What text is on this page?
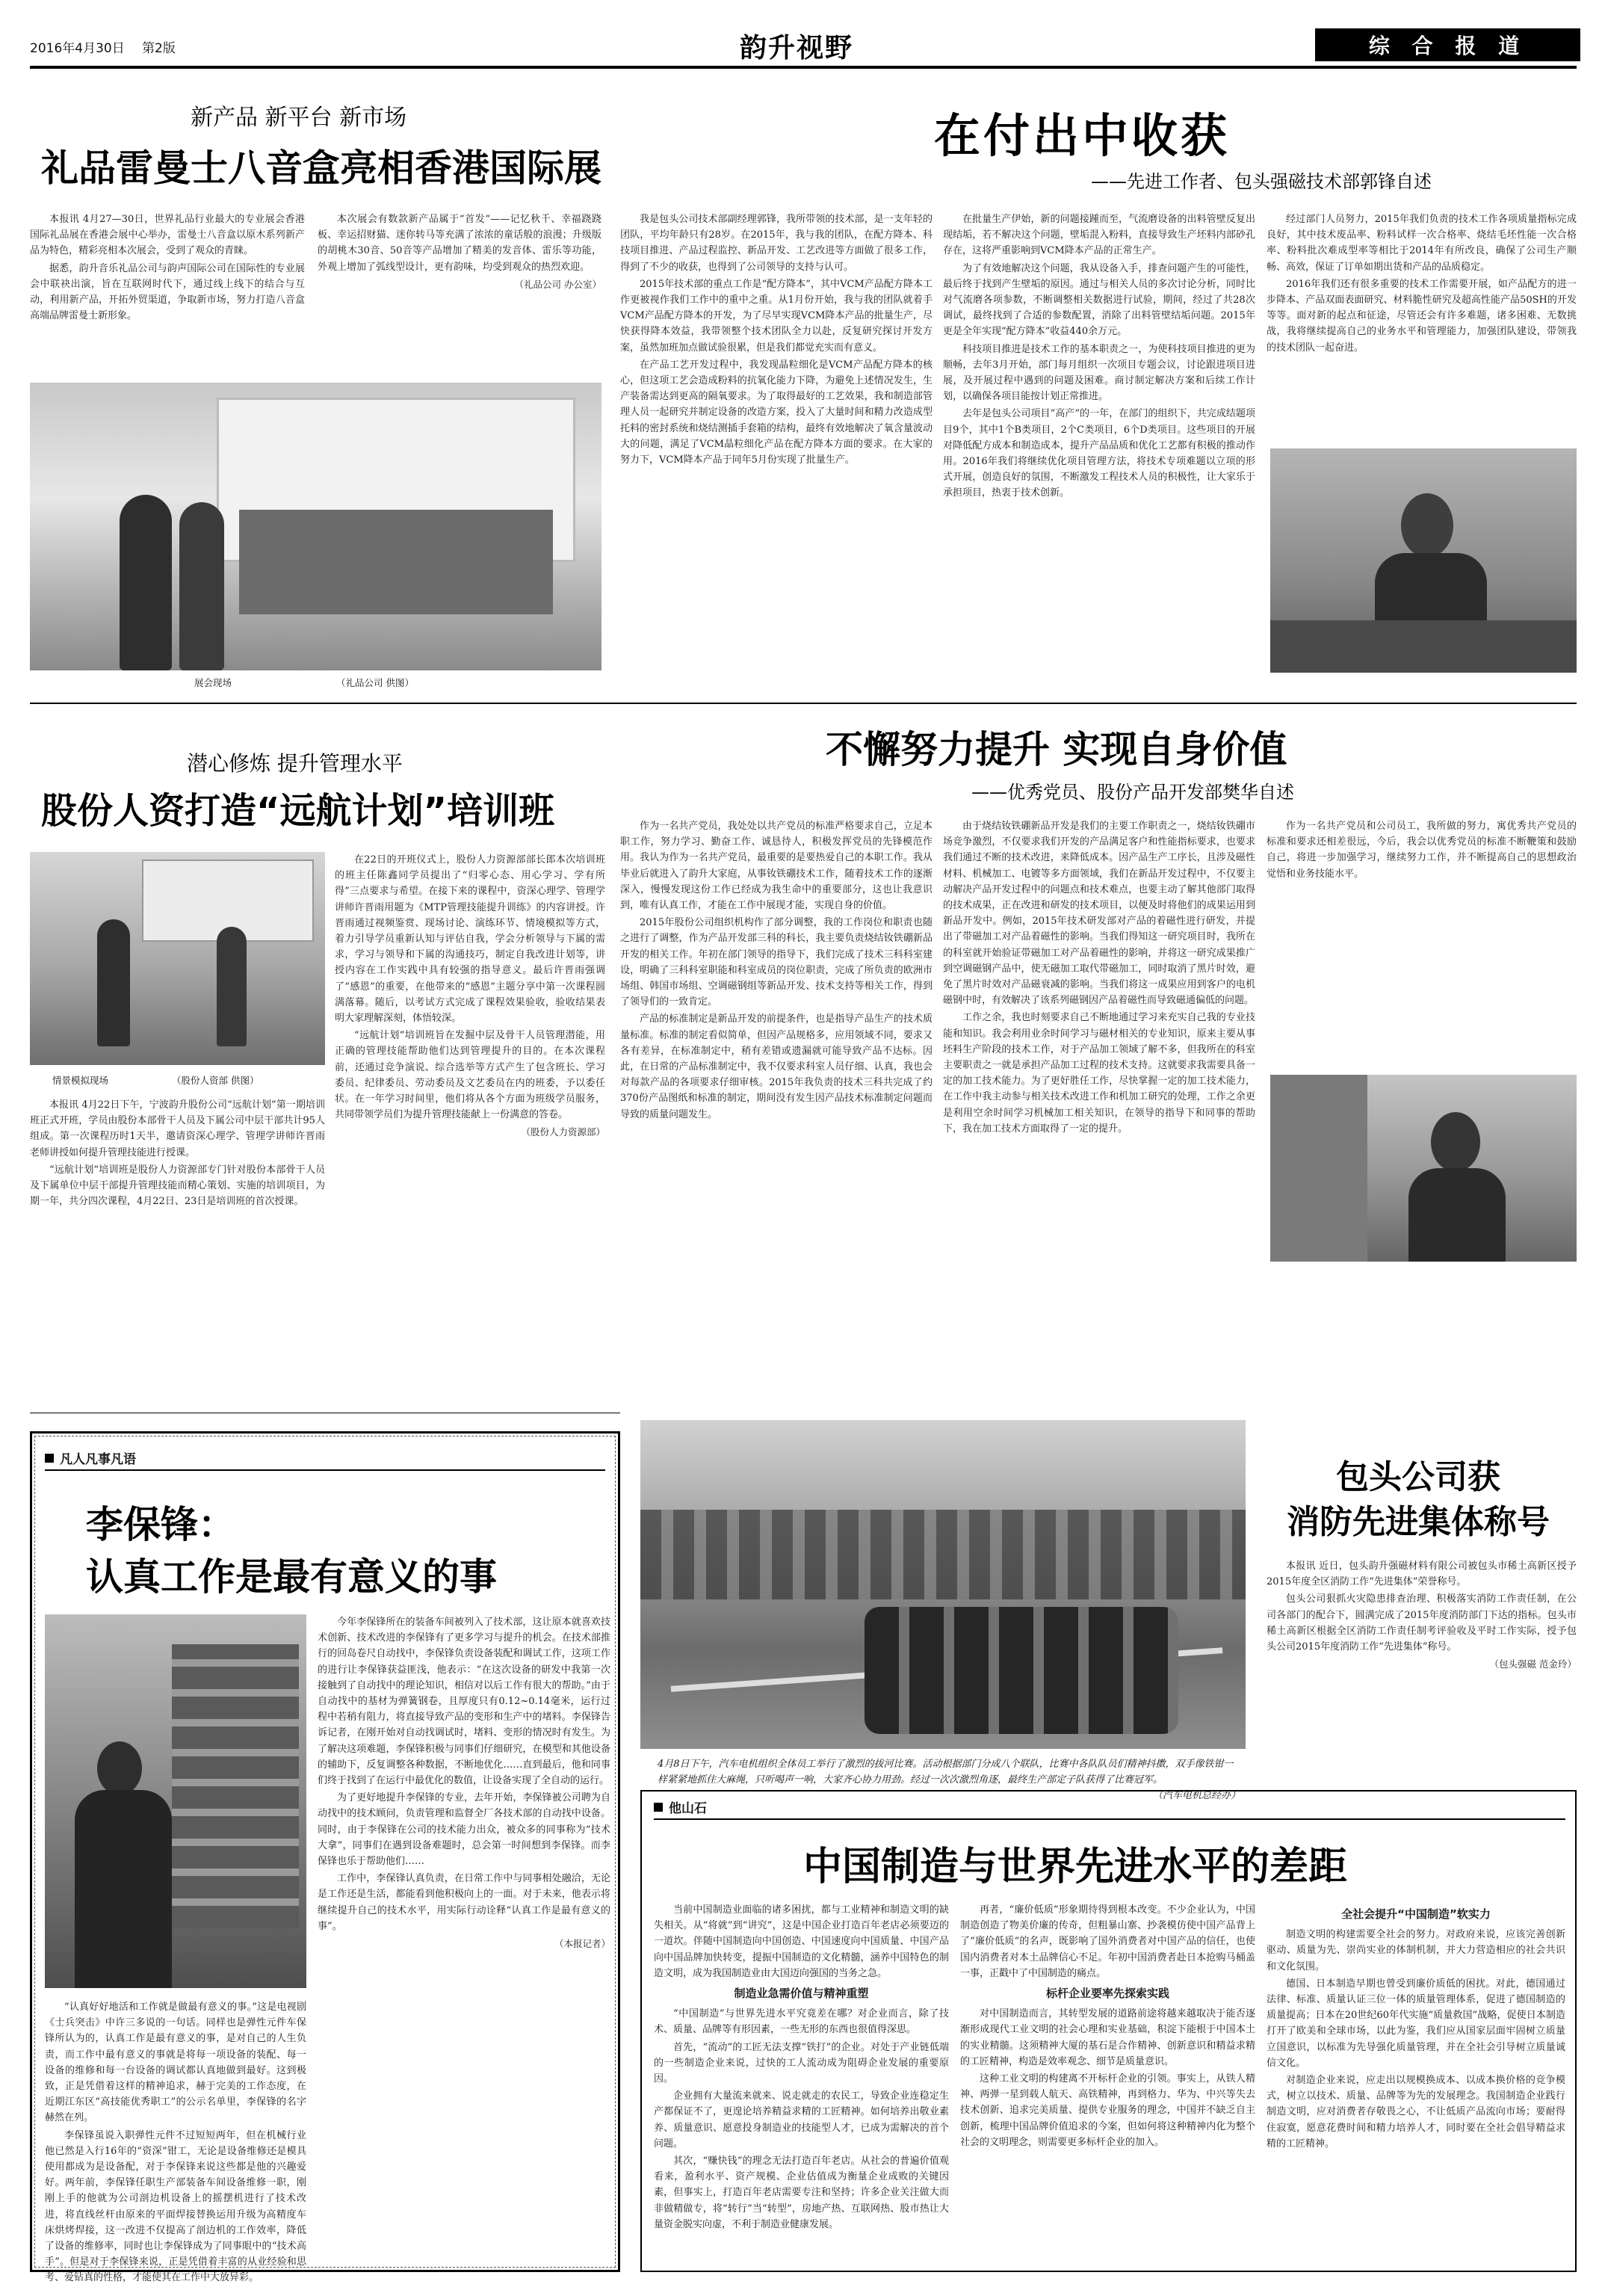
2016年4月30日 第2版	韵升视野	综 合 报 道
新产品 新平台 新市场
礼品雷曼士八音盒亮相香港国际展

本报讯 4月27—30日，世界礼品行业最大的专业展会香港国际礼品展在香港会展中心举办，雷曼士八音盒以原木系列新产品为特色，精彩亮相本次展会，受到了观众的青睐。

据悉，韵升音乐礼品公司与韵声国际公司在国际性的专业展会中联袂出演，旨在互联网时代下，通过线上线下的结合与互动，利用新产品，开拓外贸渠道，争取新市场，努力打造八音盒高端品牌雷曼士新形象。

本次展会有数款新产品属于“首发”——记忆秋千、幸福跷跷板、幸运招财猫、迷你转马等充满了浓浓的童话般的浪漫；升级版的胡桃木30音、50音等产品增加了精美的发音体、雷乐等功能，外观上增加了弧线型设计，更有韵味，均受到观众的热烈欢迎。

（礼品公司 办公室）

展会现场	（礼品公司 供图）
在付出中收获
——先进工作者、包头强磁技术部郭锋自述

我是包头公司技术部副经理郭锋，我所带领的技术部，是一支年轻的团队，平均年龄只有28岁。在2015年，我与我的团队，在配方降本、科技项目推进、产品过程监控、新品开发、工艺改进等方面做了很多工作，得到了不少的收获，也得到了公司领导的支持与认可。

2015年技术部的重点工作是“配方降本”，其中VCM产品配方降本工作更被视作我们工作中的重中之重。从1月份开始，我与我的团队就着手VCM产品配方降本的开发，为了尽早实现VCM降本产品的批量生产，尽快获得降本效益，我带领整个技术团队全力以赴，反复研究探讨开发方案，虽然加班加点做试验很累，但是我们都觉充实而有意义。

在产品工艺开发过程中，我发现晶粒细化是VCM产品配方降本的核心，但这项工艺会造成粉料的抗氧化能力下降，为避免上述情况发生，生产装备需达到更高的隔氧要求。为了取得最好的工艺效果，我和制造部管理人员一起研究并制定设备的改造方案，投入了大量时间和精力改造成型托料的密封系统和烧结测插手套箱的结构，最终有效地解决了氧含量波动大的问题，满足了VCM晶粒细化产品在配方降本方面的要求。在大家的努力下，VCM降本产品于同年5月份实现了批量生产。

在批量生产伊始，新的问题接踵而至，气流磨设备的出料管壁反复出现结垢，若不解决这个问题，壁垢混入粉料，直接导致生产坯料内部砂孔存在，这将严重影响到VCM降本产品的正常生产。

为了有效地解决这个问题，我从设备入手，排查问题产生的可能性，最后终于找到产生壁垢的原因。通过与相关人员的多次讨论分析，同时比对气流磨各项参数，不断调整相关数据进行试验，期间，经过了共28次调试，最终找到了合适的参数配置，消除了出料管壁结垢问题。2015年更是全年实现“配方降本”收益440余万元。

科技项目推进是技术工作的基本职责之一，为使科技项目推进的更为顺畅，去年3月开始，部门每月组织一次项目专题会议，讨论跟进项目进展，及开展过程中遇到的问题及困难。商讨制定解决方案和后续工作计划，以确保各项目能按计划正常推进。

去年是包头公司项目“高产”的一年，在部门的组织下，共完成结题项目9个，其中1个B类项目，2个C类项目，6个D类项目。这些项目的开展对降低配方成本和制造成本，提升产品品质和优化工艺都有积极的推动作用。2016年我们将继续优化项目管理方法，将技术专项难题以立项的形式开展，创造良好的氛围，不断激发工程技术人员的积极性，让大家乐于承担项目，热衷于技术创新。

经过部门人员努力，2015年我们负责的技术工作各项质量指标完成良好，其中技术废品率、粉料试样一次合格率、烧结毛坯性能一次合格率、粉料批次难成型率等相比于2014年有所改良，确保了公司生产顺畅、高效，保证了订单如期出货和产品的品质稳定。

2016年我们还有很多重要的技术工作需要开展，如产品配方的进一步降本、产品双面表面研究、材料脆性研究及超高性能产品50SH的开发等等。面对新的起点和征途，尽管还会有许多难题，诸多困难、无数挑战，我将继续提高自己的业务水平和管理能力，加强团队建设，带领我的技术团队一起奋进。

潜心修炼 提升管理水平
股份人资打造“远航计划”培训班
情景模拟现场	（股份人资部 供图）

本报讯 4月22日下午，宁波韵升股份公司“远航计划”第一期培训班正式开班，学员由股份本部骨干人员及下属公司中层干部共计95人组成。第一次课程历时1天半，邀请资深心理学、管理学讲师许晋雨老师讲授如何提升管理技能进行授课。

“远航计划”培训班是股份人力资源部专门针对股份本部骨干人员及下属单位中层干部提升管理技能而精心策划、实施的培训项目，为期一年，共分四次课程，4月22日、23日是培训班的首次授课。

在22日的开班仪式上，股份人力资源部部长郎本次培训班的班主任陈鑫同学员提出了“归零心态、用心学习、学有所得”三点要求与希望。在接下来的课程中，资深心理学、管理学讲师许晋雨用题为《MTP管理技能提升训练》的内容讲授。许晋雨通过视频鉴赏、现场讨论、演练环节、情境模拟等方式，着力引导学员重新认知与评估自我，学会分析领导与下属的需求，学习与领导和下属的沟通技巧，制定自我改进计划等，讲授内容在工作实践中具有较强的指导意义。最后许晋雨强调了“感恩”的重要，在他带来的“感恩”主题分享中第一次课程圆满落幕。随后，以考试方式完成了课程效果验收，验收结果表明大家理解深刻，体悟较深。

“远航计划”培训班旨在发掘中层及骨干人员管理潜能，用正确的管理技能帮助他们达到管理提升的目的。在本次课程前，还通过竞争演说、综合选举等方式产生了包含班长、学习委员、纪律委员、劳动委员及文艺委员在内的班委，予以委任状。在一年学习时间里，他们将从各个方面为班级学员服务，共同带领学员们为提升管理技能献上一份满意的答卷。

（股份人力资源部）

不懈努力提升 实现自身价值
——优秀党员、股份产品开发部樊华自述

作为一名共产党员，我处处以共产党员的标准严格要求自己，立足本职工作，努力学习、勤奋工作、诚恳待人，积极发挥党员的先锋模范作用。我认为作为一名共产党员，最重要的是要热爱自己的本职工作。我从毕业后就进入了韵升大家庭，从事钕铁硼技术工作，随着技术工作的逐渐深入，慢慢发现这份工作已经成为我生命中的重要部分，这也让我意识到，唯有认真工作，才能在工作中展现才能，实现自身的价值。

2015年股份公司组织机构作了部分调整，我的工作岗位和职责也随之进行了调整，作为产品开发部三科的科长，我主要负责烧结钕铁硼新品开发的相关工作。年初在部门领导的指导下，我们完成了技术三科科室建设，明确了三科科室职能和科室成员的岗位职责，完成了所负责的欧洲市场组、韩国市场组、空调磁钢组等新品开发、技术支持等相关工作，得到了领导们的一致肯定。

产品的标准制定是新品开发的前提条件，也是指导产品生产的技术质量标准。标准的制定看似简单，但因产品规格多，应用领域不同，要求又各有差异，在标准制定中，稍有差错或遗漏就可能导致产品不达标。因此，在日常的产品标准制定中，我不仅要求科室人员仔细、认真，我也会对每款产品的各项要求仔细审核。2015年我负责的技术三科共完成了约370份产品图纸和标准的制定，期间没有发生因产品技术标准制定问题而导致的质量问题发生。

由于烧结钕铁硼新品开发是我们的主要工作职责之一，烧结钕铁硼市场竞争激烈，不仅要求我们开发的产品满足客户和性能指标要求，也要求我们通过不断的技术改进，来降低成本。因产品生产工序长，且涉及磁性材料、机械加工、电镀等多方面领域，我们在新品开发过程中，不仅要主动解决产品开发过程中的问题点和技术难点，也要主动了解其他部门取得的技术成果，正在改进和研发的技术项目，以便及时将他们的成果运用到新品开发中。例如，2015年技术研发部对产品的着磁性进行研发，并提出了带磁加工对产品着磁性的影响。当我们得知这一研究项目时，我所在的科室就开始验证带磁加工对产品着磁性的影响，并将这一研究成果推广到空调磁钢产品中，使无磁加工取代带磁加工，同时取消了黑片时效，避免了黑片时效对产品磁衰减的影响。当我们将这一成果应用到客户的电机磁钢中时，有效解决了该系列磁钢因产品着磁性而导致磁通偏低的问题。

工作之余，我也时刻要求自己不断地通过学习来充实自己我的专业技能和知识。我会利用业余时间学习与磁材相关的专业知识，原来主要从事坯料生产阶段的技术工作，对于产品加工领域了解不多，但我所在的科室主要职责之一就是承担产品加工过程的技术支持。这就要求我需要具备一定的加工技术能力。为了更好胜任工作，尽快掌握一定的加工技术能力，在工作中我主动参与相关技术改进工作和机加工研究的处理，工作之余更是利用空余时间学习机械加工相关知识，在领导的指导下和同事的帮助下，我在加工技术方面取得了一定的提升。

作为一名共产党员和公司员工，我所做的努力，寓优秀共产党员的标准和要求还相差很远，今后，我会以优秀党员的标准不断鞭策和鼓励自己，将进一步加强学习，继续努力工作，并不断提高自己的思想政治觉悟和业务技能水平。

4月8日下午，汽车电机组织全体员工举行了激烈的拔河比赛。活动根据部门分成八个联队，比赛中各队队员们精神抖擞，双手像铁钳一样紧紧地抓住大麻绳，只听喝声一响，大家齐心协力用劲。经过一次次激烈角逐，最终生产部定子队获得了比赛冠军。
（汽车电机总经办）
凡人凡事凡语
李保锋：
认真工作是最有意义的事

“认真好好地活和工作就是做最有意义的事。”这是电视剧《士兵突击》中许三多说的一句话。同样也是弹性元件车保锋所认为的，认真工作是最有意义的事，是对自己的人生负责，而工作中最有意义的事就是将每一项设备的装配、每一设备的维修和每一台设备的调试都认真地做到最好。这到极致，正是凭借着这样的精神追求，赫于完美的工作态度，在近期江东区“高技能优秀职工”的公示名单里，李保锋的名字赫然在列。

李保锋虽说入职弹性元件不过短短两年，但在机械行业他已然是入行16年的“资深”钳工，无论是设备维修还是模具使用都成为是设备配，对于李保锋来说这些都是他的兴趣爱好。两年前，李保锋任职生产部装备车间设备维修一职，刚刚上手的他就为公司剖边机设备上的摇摆机进行了技术改进，将直线丝杆由原来的平面焊接替换运用升级为高精度车床烘烤焊接，这一改进不仅提高了剖边机的工作效率，降低了设备的维修率，同时也让李保锋成为了同事眼中的“技术高手”。但是对于李保锋来说，正是凭借着丰富的从业经验和思考、爱钻真的性格，才能使其在工作中大放异彩。

今年李保锋所在的装备车间被列入了技术部，这让原本就喜欢技术创新、技术改进的李保锋有了更多学习与提升的机会。在技术部推行的回岛卷尺自动找中，李保锋负责设备装配和调试工作，这项工作的进行让李保锋获益匪浅，他表示：“在这次设备的研发中我第一次接触到了自动找中的理论知识，相信对以后工作有很大的帮助。”由于自动找中的基材为弹簧钢卷，且厚度只有0.12~0.14毫米，运行过程中若稍有阻力，将直接导致产品的变形和生产中的堵料。李保锋告诉记者，在刚开始对自动找调试时，堵料、变形的情况时有发生。为了解决这项难题，李保锋积极与同事们仔细研究，在模型和其他设备的辅助下，反复调整各种数据，不断地优化……直到最后，他和同事们终于找到了在运行中最优化的数值，让设备实现了全自动的运行。

为了更好地提升李保锋的专业，去年开始，李保锋被公司聘为自动找中的技术顾问，负责管理和监督全厂各技术部的自动找中设备。同时，由于李保锋在公司的技术能力出众，被众多的同事称为“技术大拿”，同事们在遇到设备难题时，总会第一时间想到李保锋。而李保锋也乐于帮助他们……

工作中，李保锋认真负责，在日常工作中与同事相处融洽，无论是工作还是生活，都能看到他积极向上的一面。对于未来，他表示将继续提升自己的技术水平，用实际行动诠释“认真工作是最有意义的事”。

（本报记者）

包头公司获
消防先进集体称号

本报讯 近日，包头韵升强磁材料有限公司被包头市稀土高新区授予2015年度全区消防工作“先进集体”荣誉称号。

包头公司狠抓火灾隐患排查治理、积极落实消防工作责任制，在公司各部门的配合下，圆满完成了2015年度消防部门下达的指标。包头市稀土高新区根据全区消防工作责任制考评验收及平时工作实际，授予包头公司2015年度消防工作“先进集体”称号。

（包头强磁 范金玲）

他山石
中国制造与世界先进水平的差距

当前中国制造业面临的诸多困扰，都与工业精神和制造文明的缺失相关。从“将就”到“讲究”，这是中国企业打造百年老店必须要迈的一道坎。伴随中国制造向中国创造、中国速度向中国质量、中国产品向中国品牌加快转变，提振中国制造的文化精髓，涵养中国特色的制造文明，成为我国制造业由大国迈向强国的当务之急。

制造业急需价值与精神重塑

“中国制造”与世界先进水平究竟差在哪？对企业而言，除了技术、质量、品牌等有形因素，一些无形的东西也很值得深思。

首先，“流动”的工匠无法支撑“铁打”的企业。对处于产业链低端的一些制造企业来说，过快的工人流动成为阻碍企业发展的重要原因。

企业拥有大量流来就来、说走就走的农民工，导致企业连稳定生产都保证不了，更遑论培养精益求精的工匠精神。如何培养出敬业素养、质量意识、愿意投身制造业的技能型人才，已成为需解决的首个问题。

其次，“赚快钱”的理念无法打造百年老店。从社会的普遍价值观看来，盈利水平、资产规模、企业估值成为衡量企业成败的关键因素，但事实上，打造百年老店需要专注和坚持；许多企业关注做大而非做精做专，将“转行”当“转型”，房地产热、互联网热、股市热让大量资金脱实向虚，不利于制造业健康发展。

再者，“廉价低质”形象期待得到根本改变。不少企业认为，中国制造创造了物美价廉的传奇，但粗暴山寨、抄袭模仿使中国产品背上了“廉价低质”的名声，既影响了国外消费者对中国产品的信任，也使国内消费者对本土品牌信心不足。年初中国消费者赴日本抢购马桶盖一事，正戳中了中国制造的痛点。

标杆企业要率先探索实践

对中国制造而言，其转型发展的道路前途将越来越取决于能否逐渐形成现代工业文明的社会心理和实业基础，积淀下能根于中国本土的实业精髓。这须精神大厦的基石是合作精神、创新意识和精益求精的工匠精神，构造是效率观念、细节是质量意识。

这种工业文明的构建离不开标杆企业的引领。事实上，从铁人精神、两弹一星到载人航天、高铁精神，再到格力、华为、中兴等失去技术创新、追求完美质量、提供专业服务的理念，中国并不缺乏自主创新，梳理中国品牌价值追求的今案，但如何将这种精神内化为整个社会的文明理念，则需要更多标杆企业的加入。

全社会提升“中国制造”软实力

制造文明的构建需要全社会的努力。对政府来说，应该完善创新驱动、质量为先、崇尚实业的体制机制，并大力营造相应的社会共识和文化氛围。

德国、日本制造早期也曾受到廉价质低的困扰。对此，德国通过法律、标准、质量认证三位一体的质量管理体系，促进了德国制造的质量提高；日本在20世纪60年代实施“质量救国”战略，促使日本制造打开了欧美和全球市场，以此为鉴，我们应从国家层面牢固树立质量立国意识，以标准为先导强化质量管理，并在全社会引导树立质量诚信文化。

对制造企业来说，应走出以规模换成本、以成本换价格的竞争模式，树立以技术、质量、品牌等为先的发展理念。我国制造企业践行制造文明，应对消费者存敬畏之心，不让低质产品流向市场；要耐得住寂寞，愿意花费时间和精力培养人才，同时要在全社会倡导精益求精的工匠精神。
